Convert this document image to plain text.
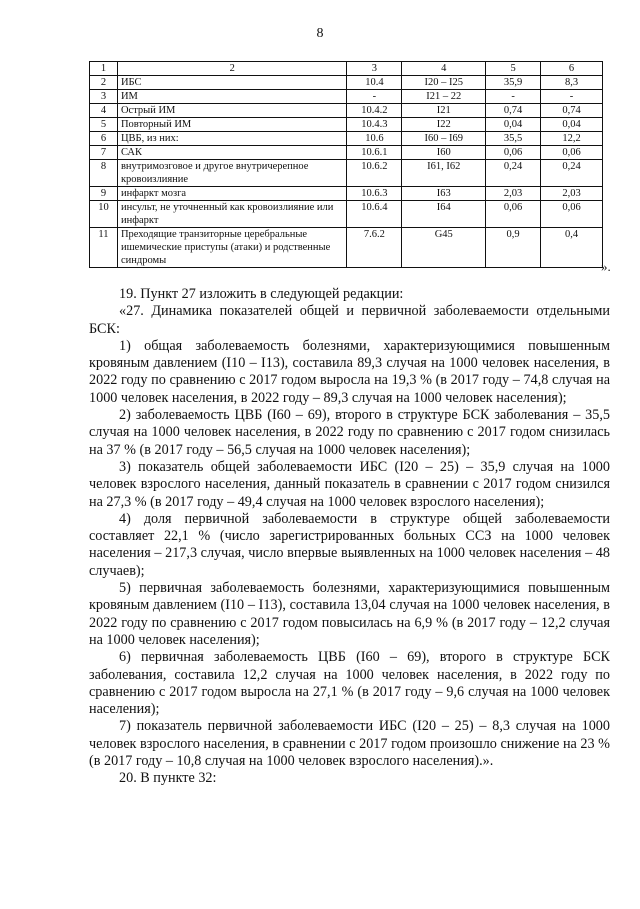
8
1	2	3	4	5	6
2	ИБС	10.4	I20 – I25	35,9	8,3
3	ИМ	-	I21 – 22	-	-
4	Острый ИМ	10.4.2	I21	0,74	0,74
5	Повторный ИМ	10.4.3	I22	0,04	0,04
6	ЦВБ, из них:	10.6	I60 – I69	35,5	12,2
7	САК	10.6.1	I60	0,06	0,06
8	внутримозговое и другое внутричерепное кровоизлияние	10.6.2	I61, I62	0,24	0,24
9	инфаркт мозга	10.6.3	I63	2,03	2,03
10	инсульт, не уточненный как кровоизлияние или инфаркт	10.6.4	I64	0,06	0,06
11	Преходящие транзиторные церебральные ишемические приступы (атаки) и родственные синдромы	7.6.2	G45	0,9	0,4
».

19. Пункт 27 изложить в следующей редакции:

«27. Динамика показателей общей и первичной заболеваемости отдельными БСК:

1) общая заболеваемость болезнями, характеризующимися повышенным кровяным давлением (I10 – I13), составила 89,3 случая на 1000 человек населения, в 2022 году по сравнению с 2017 годом выросла на 19,3 % (в 2017 году – 74,8 случая на 1000 человек населения, в 2022 году – 89,3 случая на 1000 человек населения);

2) заболеваемость ЦВБ (I60 – 69), второго в структуре БСК заболевания – 35,5 случая на 1000 человек населения, в 2022 году по сравнению с 2017 годом снизилась на 37 % (в 2017 году – 56,5 случая на 1000 человек населения);

3) показатель общей заболеваемости ИБС (I20 – 25) – 35,9 случая на 1000 человек взрослого населения, данный показатель в сравнении с 2017 годом снизился на 27,3 % (в 2017 году – 49,4 случая на 1000 человек взрослого населения);

4) доля первичной заболеваемости в структуре общей заболеваемости составляет 22,1 % (число зарегистрированных больных ССЗ на 1000 человек населения – 217,3 случая, число впервые выявленных на 1000 человек населения – 48 случаев);

5) первичная заболеваемость болезнями, характеризующимися повышенным кровяным давлением (I10 – I13), составила 13,04 случая на 1000 человек населения, в 2022 году по сравнению с 2017 годом повысилась на 6,9 % (в 2017 году – 12,2 случая на 1000 человек населения);

6) первичная заболеваемость ЦВБ (I60 – 69), второго в структуре БСК заболевания, составила 12,2 случая на 1000 человек населения, в 2022 году по сравнению с 2017 годом выросла на 27,1 % (в 2017 году – 9,6 случая на 1000 человек населения);

7) показатель первичной заболеваемости ИБС (I20 – 25) – 8,3 случая на 1000 человек взрослого населения, в сравнении с 2017 годом произошло снижение на 23 % (в 2017 году – 10,8 случая на 1000 человек взрослого населения).».

20. В пункте 32:
